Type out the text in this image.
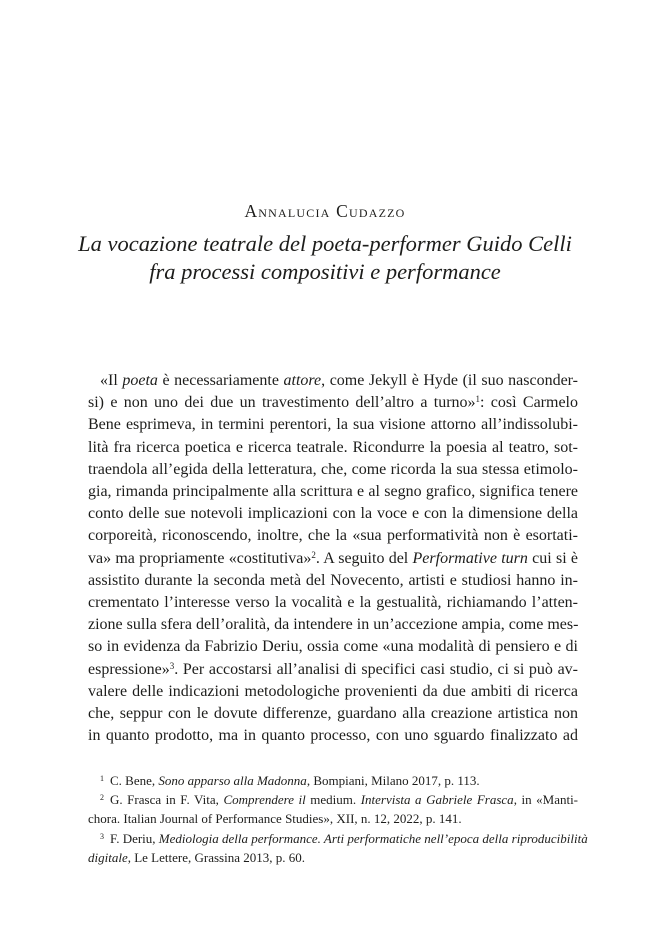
Annalucia Cudazzo
La vocazione teatrale del poeta-performer Guido Celli
fra processi compositivi e performance
«Il poeta è necessariamente attore, come Jekyll è Hyde (il suo nasconder-
si) e non uno dei due un travestimento dell’altro a turno»$^1$: così Carmelo
Bene esprimeva, in termini perentori, la sua visione attorno all’indissolubi-
lità fra ricerca poetica e ricerca teatrale. Ricondurre la poesia al teatro, sot-
traendola all’egida della letteratura, che, come ricorda la sua stessa etimolo-
gia, rimanda principalmente alla scrittura e al segno grafico, significa tenere
conto delle sue notevoli implicazioni con la voce e con la dimensione della
corporeità, riconoscendo, inoltre, che la «sua performatività non è esortati-
va» ma propriamente «costitutiva»$^2$. A seguito del Performative turn cui si è
assistito durante la seconda metà del Novecento, artisti e studiosi hanno in-
crementato l’interesse verso la vocalità e la gestualità, richiamando l’atten-
zione sulla sfera dell’oralità, da intendere in un’accezione ampia, come mes-
so in evidenza da Fabrizio Deriu, ossia come «una modalità di pensiero e di
espressione»$^3$. Per accostarsi all’analisi di specifici casi studio, ci si può av-
valere delle indicazioni metodologiche provenienti da due ambiti di ricerca
che, seppur con le dovute differenze, guardano alla creazione artistica non
in quanto prodotto, ma in quanto processo, con uno sguardo finalizzato ad
$^1$ C. Bene, Sono apparso alla Madonna, Bompiani, Milano 2017, p. 113.
$^2$ G. Frasca in F. Vita, Comprendere il medium. Intervista a Gabriele Frasca, in «Manti-
chora. Italian Journal of Performance Studies», XII, n. 12, 2022, p. 141.
$^3$ F. Deriu, Mediologia della performance. Arti performatiche nell’epoca della riproducibilità
digitale, Le Lettere, Grassina 2013, p. 60.
